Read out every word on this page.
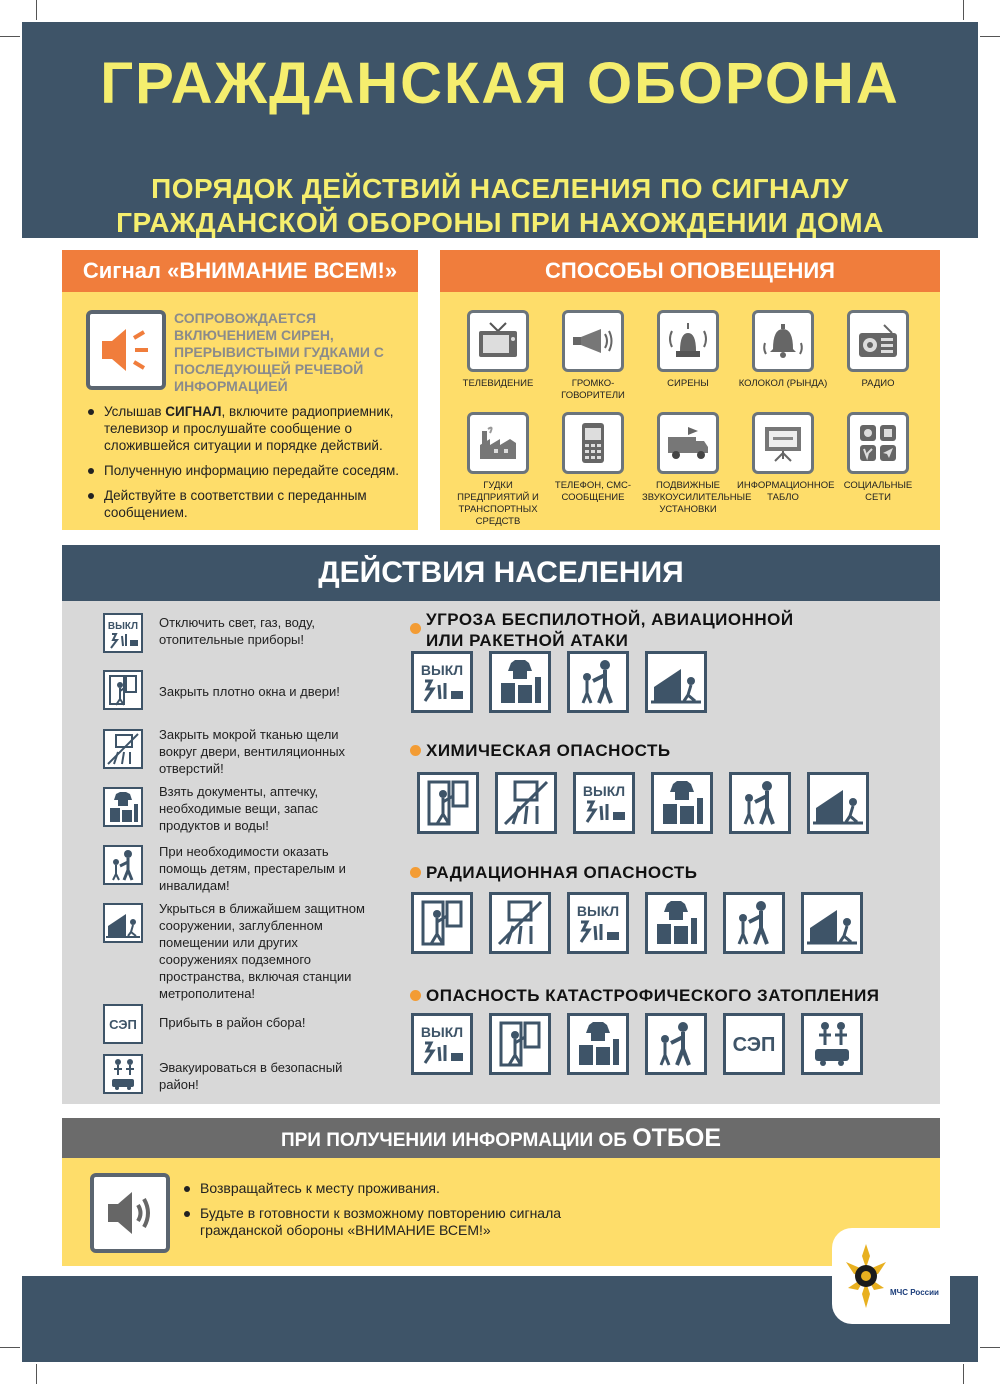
ГРАЖДАНСКАЯ ОБОРОНА
ПОРЯДОК ДЕЙСТВИЙ НАСЕЛЕНИЯ ПО СИГНАЛУ
ГРАЖДАНСКОЙ ОБОРОНЫ ПРИ НАХОЖДЕНИИ ДОМА
Сигнал «ВНИМАНИЕ ВСЕМ!»
СОПРОВОЖДАЕТСЯ ВКЛЮЧЕНИЕМ СИРЕН, ПРЕРЫВИСТЫМИ ГУДКАМИ С ПОСЛЕДУЮЩЕЙ РЕЧЕВОЙ ИНФОРМАЦИЕЙ
Услышав СИГНАЛ, включите радиоприемник, телевизор и прослушайте сообщение о сложившейся ситуации и порядке действий.
Полученную информацию передайте соседям.
Действуйте в соответствии с переданным сообщением.
СПОСОБЫ ОПОВЕЩЕНИЯ
ТЕЛЕВИДЕНИЕ	ГРОМКО-ГОВОРИТЕЛИ
СИРЕНЫ	КОЛОКОЛ (РЫНДА)	РАДИО
ГУДКИ ПРЕДПРИЯТИЙ И ТРАНСПОРТНЫХ СРЕДСТВ
ТЕЛЕФОН, СМС-СООБЩЕНИЕ
ПОДВИЖНЫЕ ЗВУКОУСИЛИТЕЛЬНЫЕ УСТАНОВКИ
ИНФОРМАЦИОННОЕ ТАБЛО
СОЦИАЛЬНЫЕ СЕТИ
ДЕЙСТВИЯ НАСЕЛЕНИЯ
ВЫКЛ Отключить свет, газ, воду, отопительные приборы!
Закрыть плотно окна и двери!
Закрыть мокрой тканью щели вокруг двери, вентиляционных отверстий!
Взять документы, аптечку, необходимые вещи, запас продуктов и воды!
При необходимости оказать помощь детям, престарелым и инвалидам!
Укрыться в ближайшем защитном сооружении, заглубленном помещении или других сооружениях подземного пространства, включая станции метрополитена!
СЭП Прибыть в район сбора!
Эвакуироваться в безопасный район!
УГРОЗА БЕСПИЛОТНОЙ, АВИАЦИОННОЙ
ИЛИ РАКЕТНОЙ АТАКИ
ХИМИЧЕСКАЯ ОПАСНОСТЬ
РАДИАЦИОННАЯ ОПАСНОСТЬ
ОПАСНОСТЬ КАТАСТРОФИЧЕСКОГО ЗАТОПЛЕНИЯ
ВЫКЛ
ВЫКЛ
ВЫКЛ
ВЫКЛ
СЭП
ПРИ ПОЛУЧЕНИИ ИНФОРМАЦИИ ОБ ОТБОЕ
Возвращайтесь к месту проживания.
Будьте в готовности к возможному повторению сигнала гражданской обороны «ВНИМАНИЕ ВСЕМ!»
МЧС России
